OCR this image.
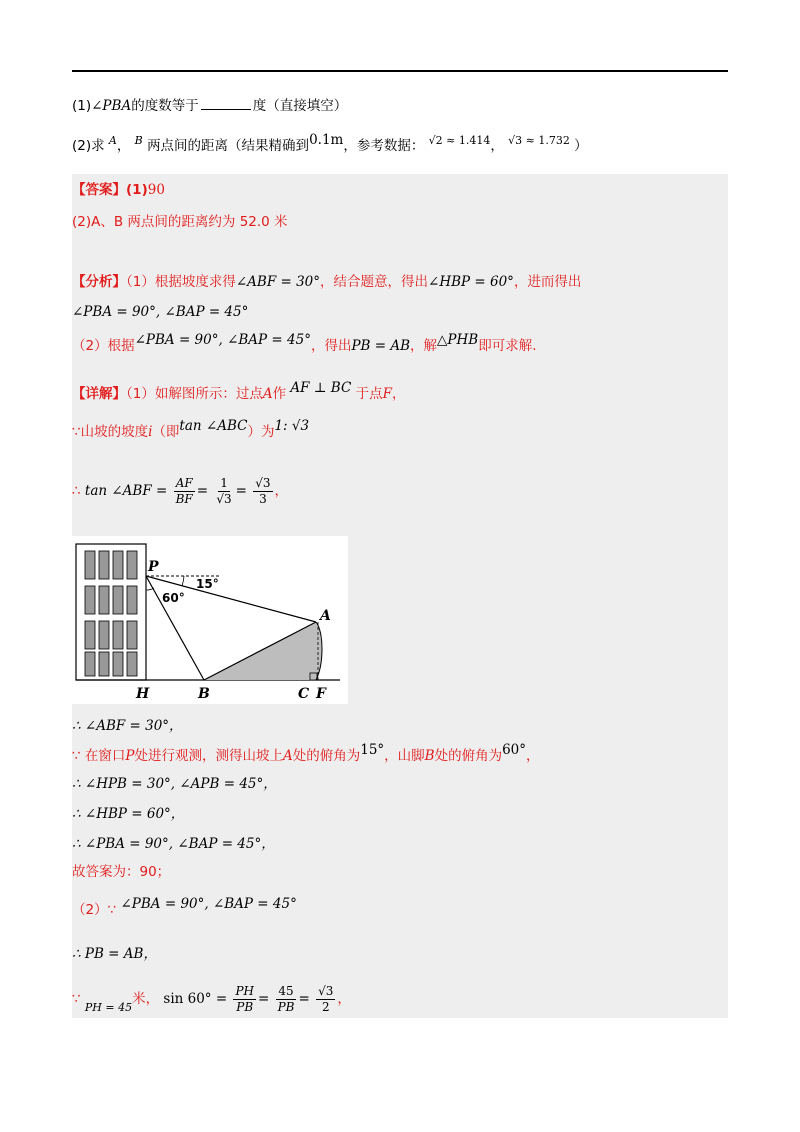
(1)∠PBA的度数等于	度（直接填空）
(2)求 $^A$， $^B$ 两点间的距离（结果精确到0.1m，参考数据： $^{√2 \approx 1.414}$， $^{√3 \approx 1.732}$ ）
【答案】(1)90
(2)A、B 两点间的距离约为 52.0 米
【分析】（1）根据坡度求得∠ABF = 30°，结合题意，得出∠HBP = 60°，进而得出
∠PBA = 90°, ∠BAP = 45°
（2）根据∠PBA = 90°, ∠BAP = 45°，得出PB = AB，解△PHB即可求解.
【详解】（1）如解图所示：过点A作 AF ⊥ BC 于点F，
∵山坡的坡度i（即tan ∠ABC）为1: √3
∴ tan ∠ABF = $\frac{AF}{BF} = \frac{1}{√3} = \frac{√3}{3}$ ，
P
A
H	B	C F
15°
60°
∴ ∠ABF = 30°，
∵ 在窗口P处进行观测，测得山坡上A处的俯角为15°，山脚B处的俯角为60°，
∴ ∠HPB = 30°, ∠APB = 45°，
∴ ∠HBP = 60°，
∴ ∠PBA = 90°, ∠BAP = 45°，
故答案为：90；
（2）∵ ∠PBA = 90°, ∠BAP = 45°
∴ PB = AB，
∵ $_{PH = 45}$米， $\sin 60^\circ = \frac{PH}{PB} = \frac{45}{PB} = \frac{√3}{2}$ ，
